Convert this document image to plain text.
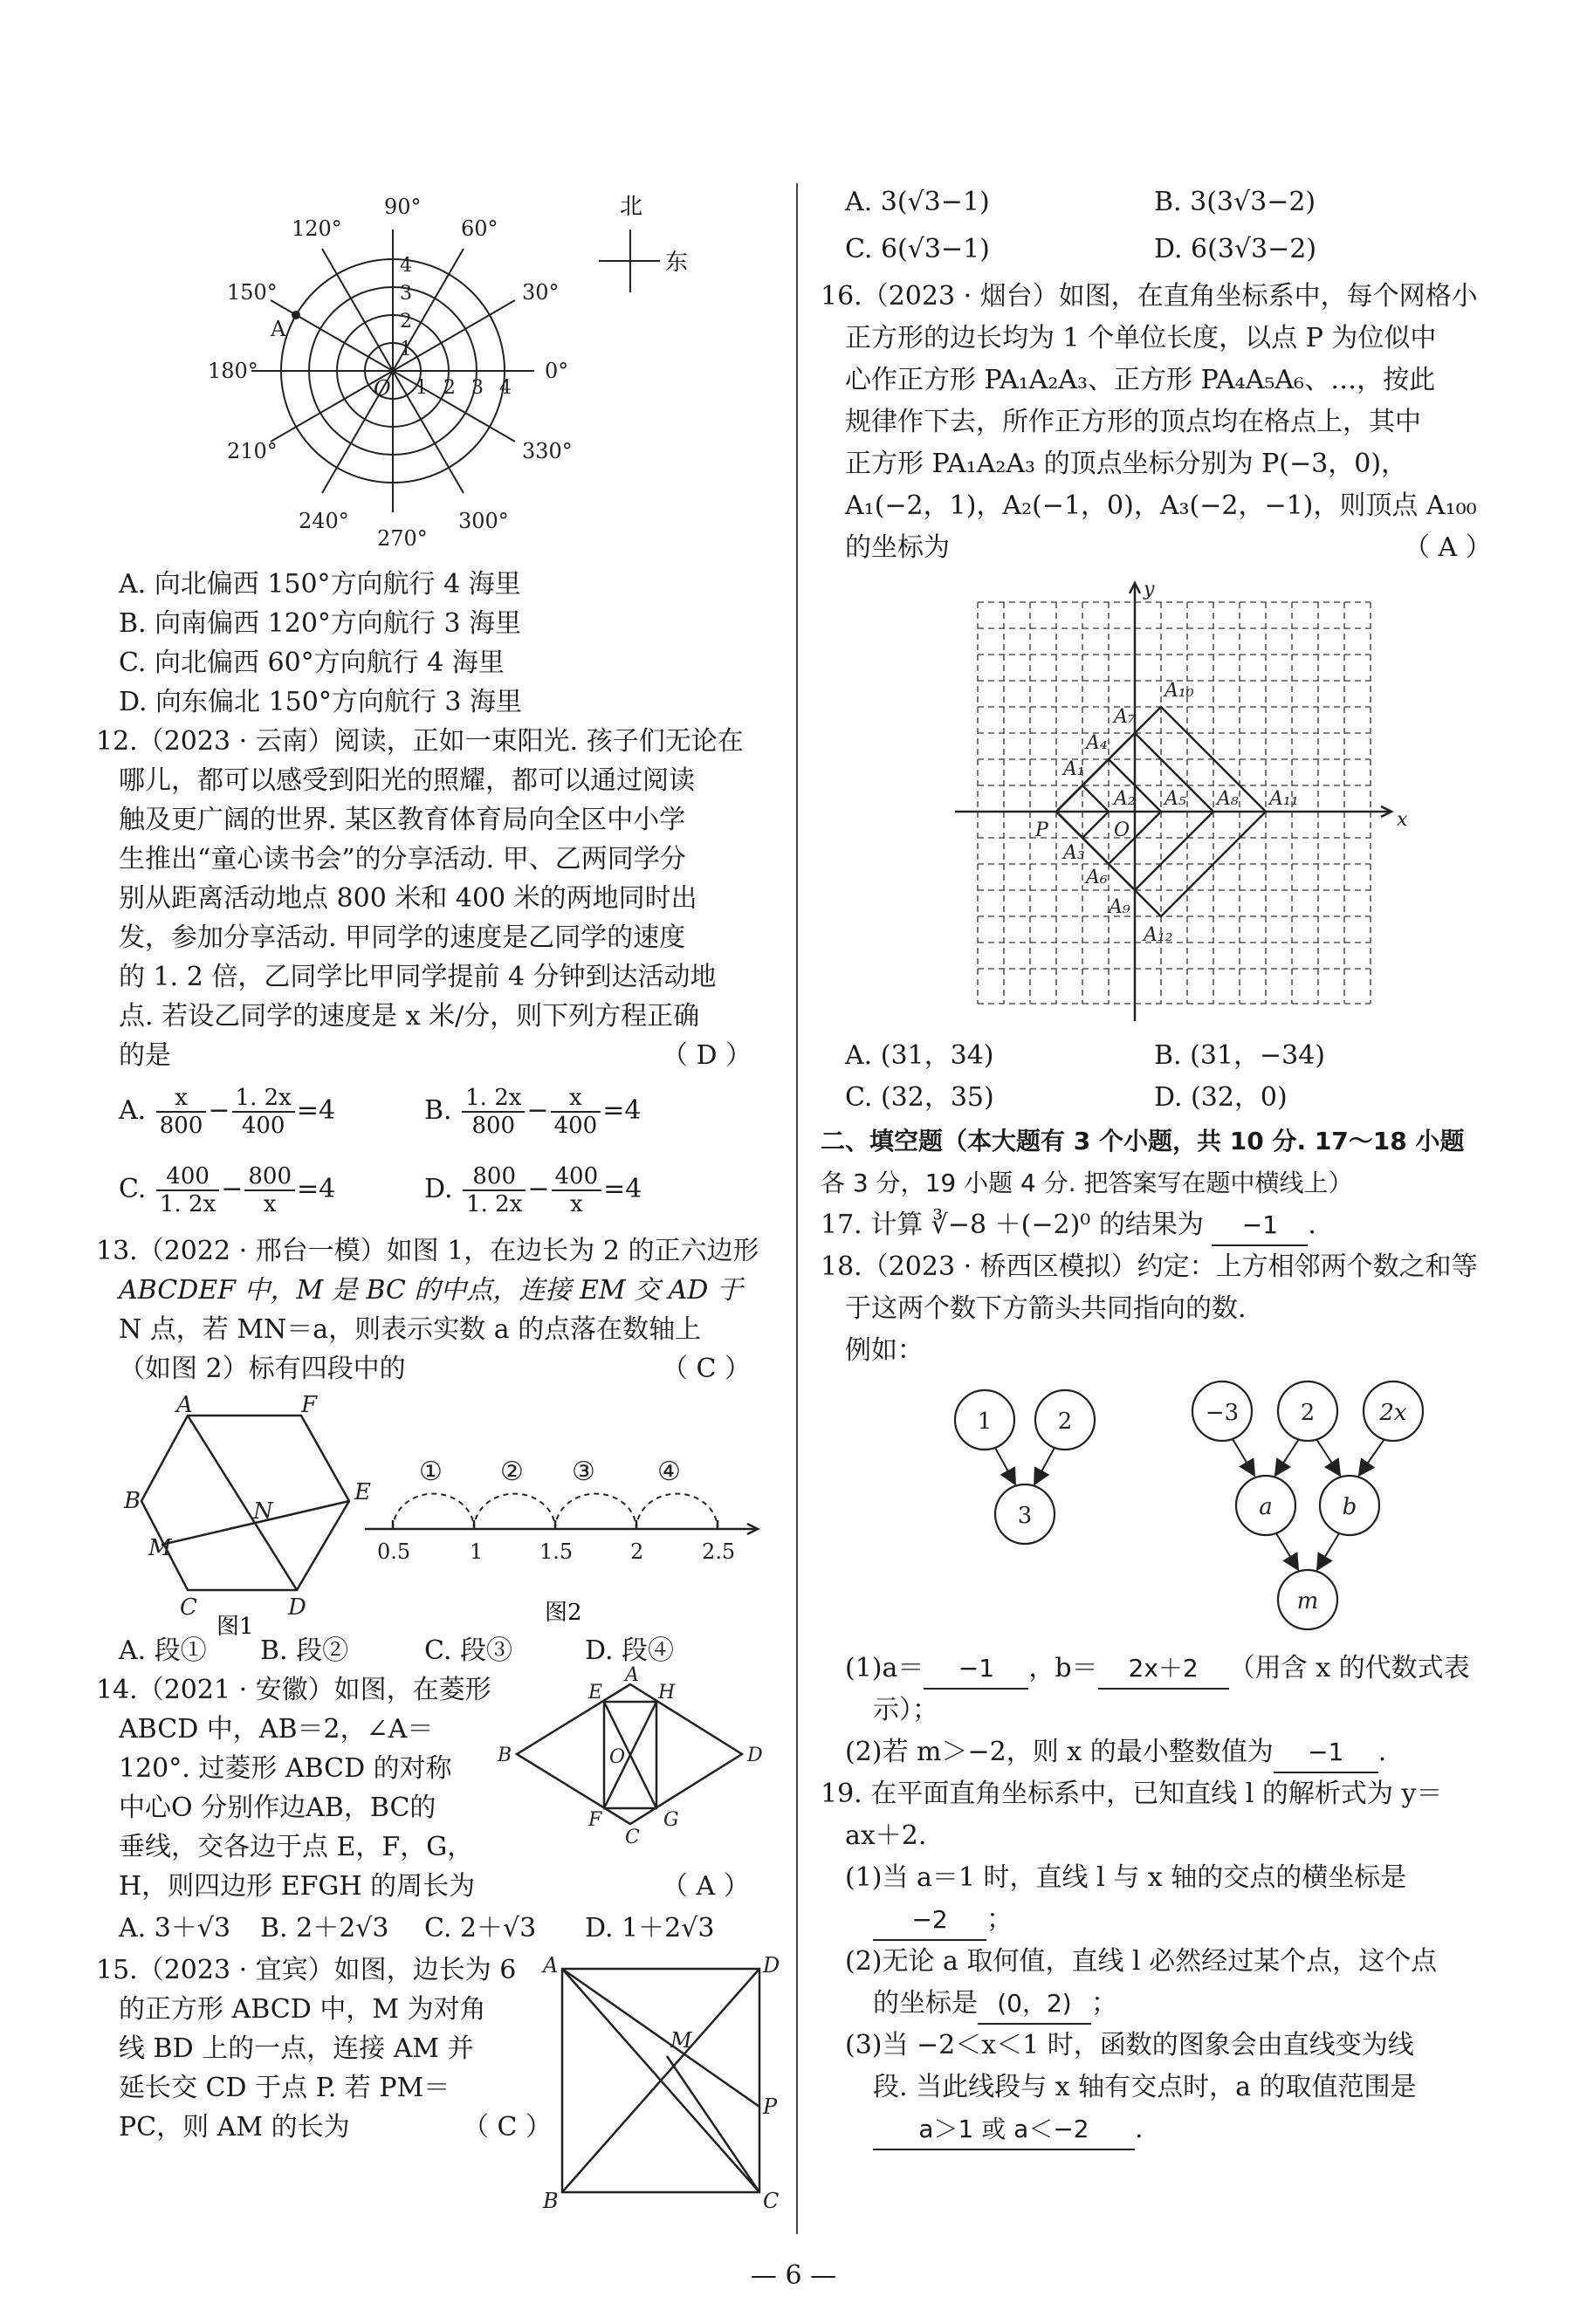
90°
60°
30°
0°
330°
300°
270°
240°
210°
180°
150°
120°
A
O
4
3
2
1
1 2 3 4
北
东
A. 向北偏西 150°方向航行 4 海里
B. 向南偏西 120°方向航行 3 海里
C. 向北偏西 60°方向航行 4 海里
D. 向东偏北 150°方向航行 3 海里
12.（2023 · 云南）阅读，正如一束阳光. 孩子们无论在
哪儿，都可以感受到阳光的照耀，都可以通过阅读
触及更广阔的世界. 某区教育体育局向全区中小学
生推出“童心读书会”的分享活动. 甲、乙两同学分
别从距离活动地点 800 米和 400 米的两地同时出
发，参加分享活动. 甲同学的速度是乙同学的速度
的 1. 2 倍，乙同学比甲同学提前 4 分钟到达活动地
点. 若设乙同学的速度是 x 米/分，则下列方程正确
的是	（ D ）
A. $\frac{x}{800} - \frac{1. 2x}{400} =4$	B. $\frac{1. 2x}{800} - \frac{x}{400} =4$
C. $\frac{400}{1. 2x} - \frac{800}{x} =4$	D. $\frac{800}{1. 2x} - \frac{400}{x} =4$
13.（2022 · 邢台一模）如图 1，在边长为 2 的正六边形
ABCDEF 中，M 是 BC 的中点，连接 EM 交 AD 于
N 点，若 MN＝a，则表示实数 a 的点落在数轴上
（如图 2）标有四段中的	（ C ）
A	F
B	E
N
M
C	D
图1
① ② ③ ④
0.5	1	1.5	2	2.5
图2
A. 段① B. 段②	C. 段③	D. 段④
14.（2021 · 安徽）如图，在菱形
ABCD 中，AB＝2，∠A＝
120°. 过菱形 ABCD 的对称
中心O 分别作边AB，BC的
垂线，交各边于点 E，F，G，
H，则四边形 EFGH 的周长为	（ A ）
A
E	H
B	O	D
F	G
C
A. 3＋√3 B. 2＋2√3 C. 2＋√3 D. 1＋2√3
15.（2023 · 宜宾）如图，边长为 6
的正方形 ABCD 中，M 为对角
线 BD 上的一点，连接 AM 并
延长交 CD 于点 P. 若 PM＝
PC，则 AM 的长为	（ C ）
A	D
M
P
B	C
A. 3(√3−1)	B. 3(3√3−2)
C. 6(√3−1)	D. 6(3√3−2)
16.（2023 · 烟台）如图，在直角坐标系中，每个网格小
正方形的边长均为 1 个单位长度，以点 P 为位似中
心作正方形 PA₁A₂A₃、正方形 PA₄A₅A₆、…，按此
规律作下去，所作正方形的顶点均在格点上，其中
正方形 PA₁A₂A₃ 的顶点坐标分别为 P(−3，0)，
A₁(−2，1)，A₂(−1，0)，A₃(−2，−1)，则顶点 A₁₀₀
的坐标为	（ A ）
y
x
O
P
A₁
A₂
A₃
A₄
A₅
A₆
A₇
A₈
A₉
A₁₀
A₁₁
A₁₂
A. (31，34)	B. (31，−34)
C. (32，35)	D. (32，0)
二、填空题（本大题有 3 个小题，共 10 分. 17～18 小题
各 3 分，19 小题 4 分. 把答案写在题中横线上）
17. 计算 ∛−8 ＋(−2)⁰ 的结果为 −1 .
18.（2023 · 桥西区模拟）约定：上方相邻两个数之和等
于这两个数下方箭头共同指向的数.
例如：
1	2
3
−3	2	2x
a	b
m
(1)a＝ −1 ，b＝ 2x＋2 （用含 x 的代数式表
示）；
(2)若 m＞−2，则 x 的最小整数值为 −1 .
19. 在平面直角坐标系中，已知直线 l 的解析式为 y＝
ax＋2.
(1)当 a＝1 时，直线 l 与 x 轴的交点的横坐标是
−2 ；
(2)无论 a 取何值，直线 l 必然经过某个点，这个点
的坐标是 (0，2) ；
(3)当 −2＜x＜1 时，函数的图象会由直线变为线
段. 当此线段与 x 轴有交点时，a 的取值范围是
a＞1 或 a＜−2 .
— 6 —
